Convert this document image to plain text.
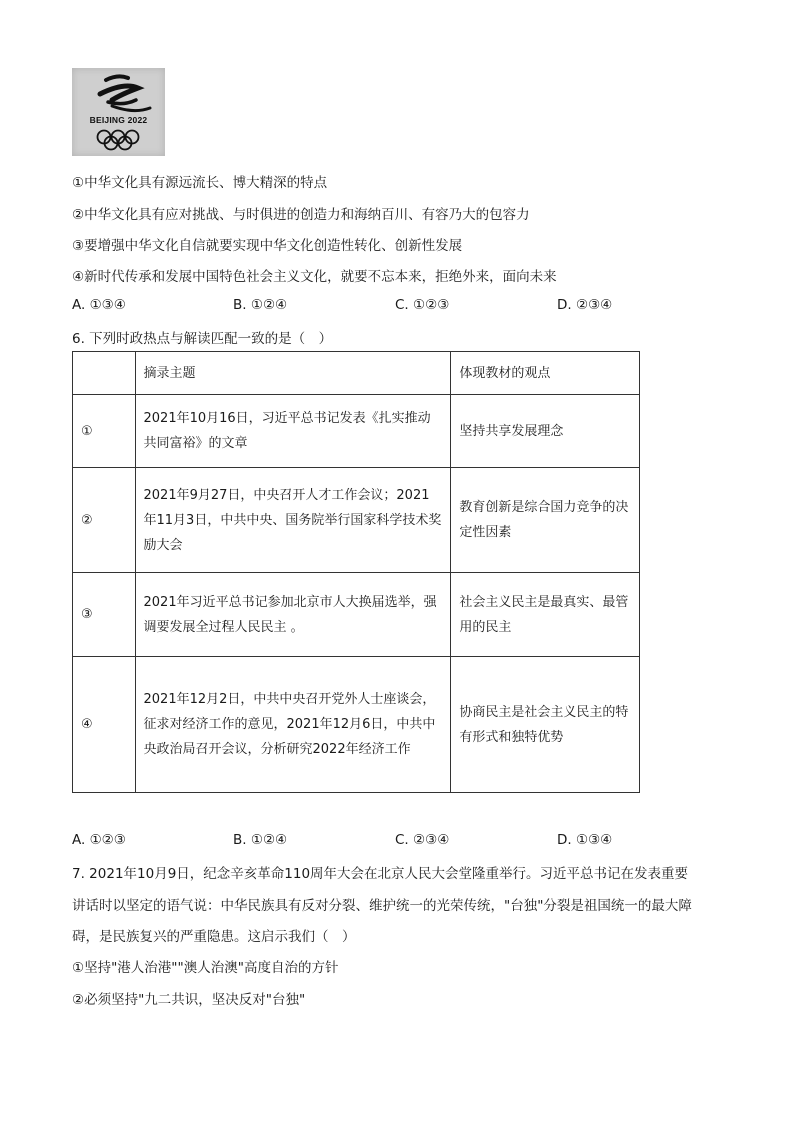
BEIJING 2022
①中华文化具有源远流长、博大精深的特点
②中华文化具有应对挑战、与时俱进的创造力和海纳百川、有容乃大的包容力
③要增强中华文化自信就要实现中华文化创造性转化、创新性发展
④新时代传承和发展中国特色社会主义文化，就要不忘本来，拒绝外来，面向未来
A. ①③④	B. ①②④	C. ①②③	D. ②③④
6. 下列时政热点与解读匹配一致的是（　）
	摘录主题	体现教材的观点
①	2021年10月16日，习近平总书记发表《扎实推动共同富裕》的文章	坚持共享发展理念
②	2021年9月27日，中央召开人才工作会议；2021年11月3日，中共中央、国务院举行国家科学技术奖励大会	教育创新是综合国力竞争的决定性因素
③	2021年习近平总书记参加北京市人大换届选举，强调要发展全过程人民民主 。	社会主义民主是最真实、最管用的民主
④	2021年12月2日，中共中央召开党外人士座谈会，征求对经济工作的意见，2021年12月6日，中共中央政治局召开会议，分析研究2022年经济工作	协商民主是社会主义民主的特有形式和独特优势
A. ①②③	B. ①②④	C. ②③④	D. ①③④
7. 2021年10月9日，纪念辛亥革命110周年大会在北京人民大会堂隆重举行。习近平总书记在发表重要
讲话时以坚定的语气说：中华民族具有反对分裂、维护统一的光荣传统，"台独"分裂是祖国统一的最大障
碍，是民族复兴的严重隐患。这启示我们（　）
①坚持"港人治港""澳人治澳"高度自治的方针
②必须坚持"九二共识，坚决反对"台独"
